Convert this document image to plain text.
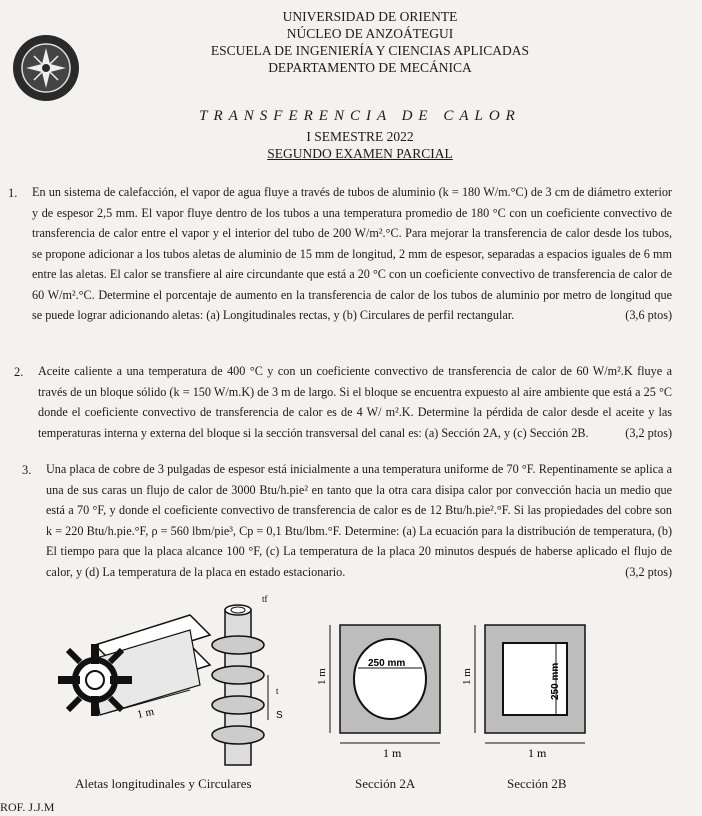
UNIVERSIDAD DE ORIENTE
NÚCLEO DE ANZOÁTEGUI
ESCUELA DE INGENIERÍA Y CIENCIAS APLICADAS
DEPARTAMENTO DE MECÁNICA
TRANSFERENCIA DE CALOR
I SEMESTRE 2022
SEGUNDO EXAMEN PARCIAL
1. En un sistema de calefacción, el vapor de agua fluye a través de tubos de aluminio (k = 180 W/m.°C) de 3 cm de diámetro exterior y de espesor 2,5 mm. El vapor fluye dentro de los tubos a una temperatura promedio de 180 °C con un coeficiente convectivo de transferencia de calor entre el vapor y el interior del tubo de 200 W/m².°C. Para mejorar la transferencia de calor desde los tubos, se propone adicionar a los tubos aletas de aluminio de 15 mm de longitud, 2 mm de espesor, separadas a espacios iguales de 6 mm entre las aletas. El calor se transfiere al aire circundante que está a 20 °C con un coeficiente convectivo de transferencia de calor de 60 W/m².°C. Determine el porcentaje de aumento en la transferencia de calor de los tubos de aluminio por metro de longitud que se puede lograr adicionando aletas: (a) Longitudinales rectas, y (b) Circulares de perfil rectangular.	(3,6 ptos)
2. Aceite caliente a una temperatura de 400 °C y con un coeficiente convectivo de transferencia de calor de 60 W/m².K fluye a través de un bloque sólido (k = 150 W/m.K) de 3 m de largo. Si el bloque se encuentra expuesto al aire ambiente que está a 25 °C donde el coeficiente convectivo de transferencia de calor es de 4 W/ m².K. Determine la pérdida de calor desde el aceite y las temperaturas interna y externa del bloque si la sección transversal del canal es: (a) Sección 2A, y (c) Sección 2B.	(3,2 ptos)
3. Una placa de cobre de 3 pulgadas de espesor está inicialmente a una temperatura uniforme de 70 °F. Repentinamente se aplica a una de sus caras un flujo de calor de 3000 Btu/h.pie² en tanto que la otra cara disipa calor por convección hacia un medio que está a 70 °F, y donde el coeficiente convectivo de transferencia de calor es de 12 Btu/h.pie².°F. Si las propiedades del cobre son k = 220 Btu/h.pie.°F, ρ = 560 lbm/pie³, Cp = 0,1 Btu/lbm.°F. Determine: (a) La ecuación para la distribución de temperatura, (b) El tiempo para que la placa alcance 100 °F, (c) La temperatura de la placa 20 minutos después de haberse aplicado el flujo de calor, y (d) La temperatura de la placa en estado estacionario.	(3,2 ptos)
1 m
tf
t
S
250 mm
1 m
1 m
250 mm
1 m
1 m
Aletas longitudinales y Circulares	Sección 2A	Sección 2B
ROF. J.J.M
